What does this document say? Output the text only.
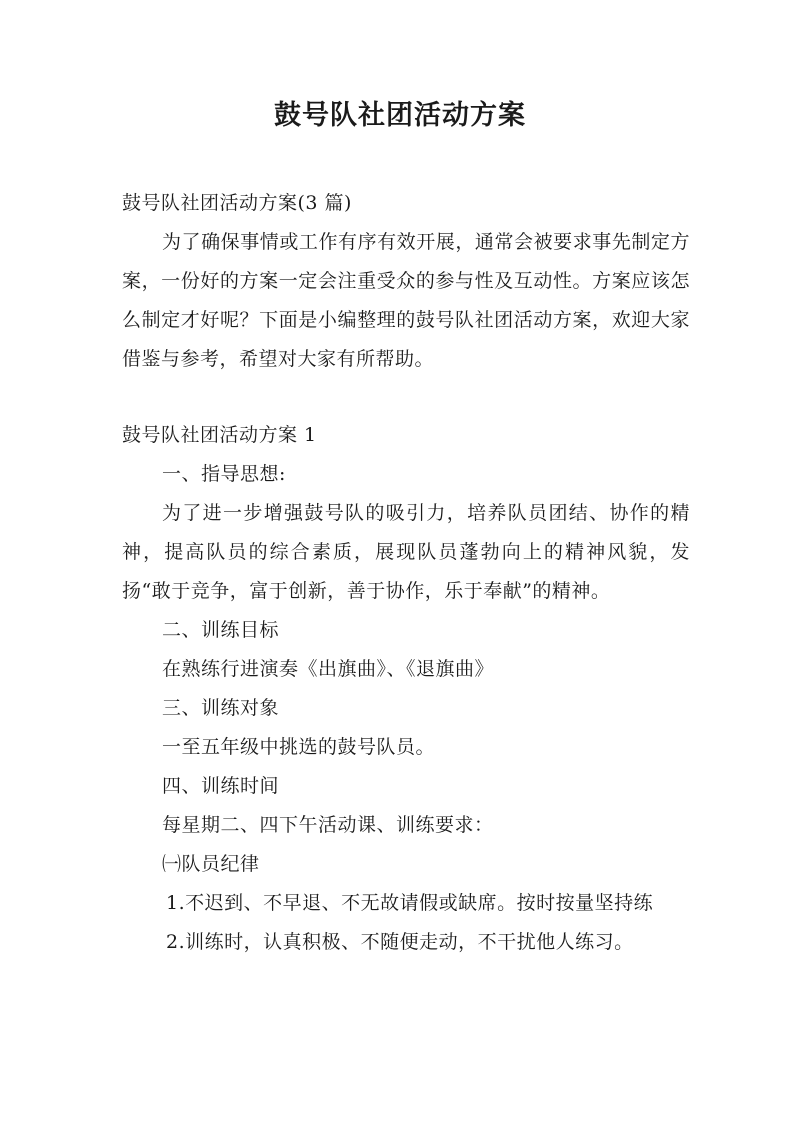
鼓号队社团活动方案

鼓号队社团活动方案(3 篇)

为了确保事情或工作有序有效开展，通常会被要求事先制定方案，一份好的方案一定会注重受众的参与性及互动性。方案应该怎么制定才好呢？下面是小编整理的鼓号队社团活动方案，欢迎大家借鉴与参考，希望对大家有所帮助。

鼓号队社团活动方案 1

一、指导思想:

为了进一步增强鼓号队的吸引力，培养队员团结、协作的精神，提高队员的综合素质，展现队员蓬勃向上的精神风貌，发扬“敢于竞争，富于创新，善于协作，乐于奉献”的精神。

二、训练目标

在熟练行进演奏《出旗曲》、《退旗曲》

三、训练对象

一至五年级中挑选的鼓号队员。

四、训练时间

每星期二、四下午活动课、训练要求：

㈠队员纪律

1.不迟到、不早退、不无故请假或缺席。按时按量坚持练

2.训练时，认真积极、不随便走动，不干扰他人练习。
